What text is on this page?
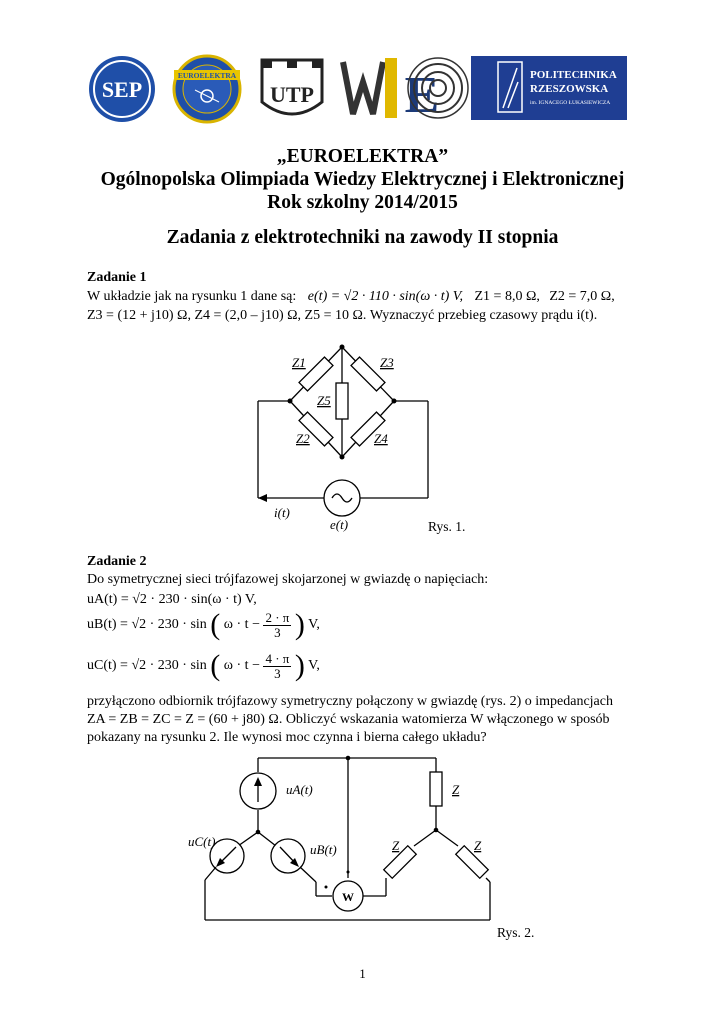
SEP
EUROELEKTRA
UTP E	POLITECHNIKA
RZESZOWSKA
im. IGNACEGO ŁUKASIEWICZA
„EUROELEKTRA”
Ogólnopolska Olimpiada Wiedzy Elektrycznej i Elektronicznej
Rok szkolny 2014/2015
Zadania z elektrotechniki na zawody II stopnia
Zadanie 1
W układzie jak na rysunku 1 dane są: e(t) = √2 · 110 · sin(ω · t) V, Z1 = 8,0 Ω, Z2 = 7,0 Ω,
Z3 = (12 + j10) Ω, Z4 = (2,0 – j10) Ω, Z5 = 10 Ω. Wyznaczyć przebieg czasowy prądu i(t).
Z1	Z3
Z5
Z2	Z4
i(t)
e(t)	Rys. 1.
Zadanie 2
Do symetrycznej sieci trójfazowej skojarzonej w gwiazdę o napięciach:
uA(t) = √2 · 230 · sin(ω · t) V,
uB(t) = √2 · 230 · sin ( $\omega \cdot t - \frac{2 \cdot \pi}{3}$ ) V,
uC(t) = √2 · 230 · sin ( $\omega \cdot t - \frac{4 \cdot \pi}{3}$ ) V,
przyłączono odbiornik trójfazowy symetryczny połączony w gwiazdę (rys. 2) o impedancjach
ZA = ZB = ZC = Z = (60 + j80) Ω. Obliczyć wskazania watomierza W włączonego w sposób
pokazany na rysunku 2. Ile wynosi moc czynna i bierna całego układu?
uA(t)
uC(t)
uB(t)
Z
Z	Z
W
Rys. 2.
1
